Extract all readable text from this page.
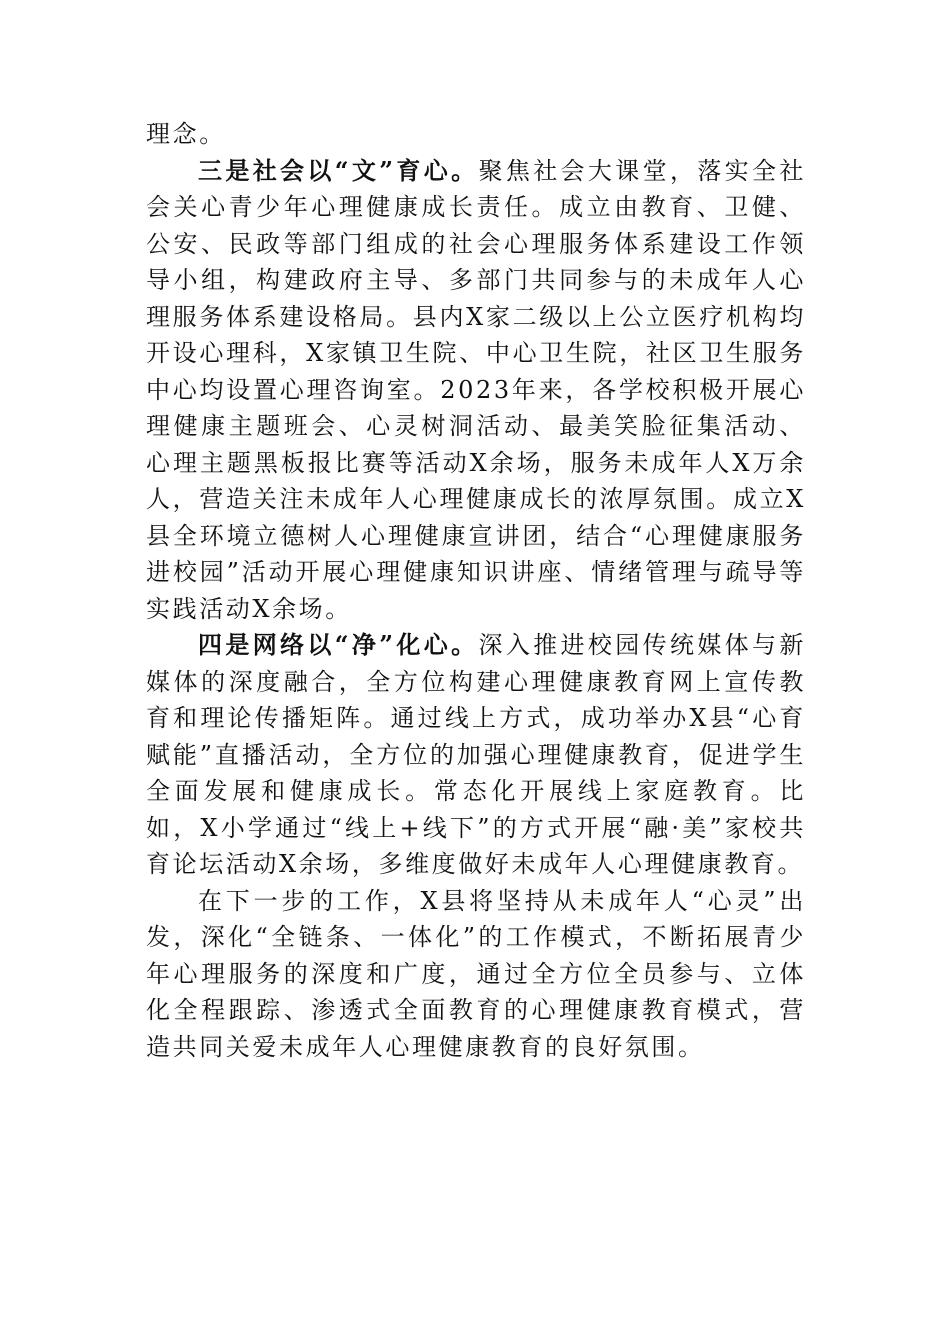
理念。

三是社会以“文”育心。聚焦社会大课堂，落实全社会关心青少年心理健康成长责任。成立由教育、卫健、公安、民政等部门组成的社会心理服务体系建设工作领导小组，构建政府主导、多部门共同参与的未成年人心理服务体系建设格局。县内X家二级以上公立医疗机构均开设心理科，X家镇卫生院、中心卫生院，社区卫生服务中心均设置心理咨询室。2023年来，各学校积极开展心理健康主题班会、心灵树洞活动、最美笑脸征集活动、心理主题黑板报比赛等活动X余场，服务未成年人X万余人，营造关注未成年人心理健康成长的浓厚氛围。成立X县全环境立德树人心理健康宣讲团，结合“心理健康服务进校园”活动开展心理健康知识讲座、情绪管理与疏导等实践活动X余场。

四是网络以“净”化心。深入推进校园传统媒体与新媒体的深度融合，全方位构建心理健康教育网上宣传教育和理论传播矩阵。通过线上方式，成功举办X县“心育赋能”直播活动，全方位的加强心理健康教育，促进学生全面发展和健康成长。常态化开展线上家庭教育。比如，X小学通过“线上+线下”的方式开展“融·美”家校共育论坛活动X余场，多维度做好未成年人心理健康教育。

在下一步的工作，X县将坚持从未成年人“心灵”出发，深化“全链条、一体化”的工作模式，不断拓展青少年心理服务的深度和广度，通过全方位全员参与、立体化全程跟踪、渗透式全面教育的心理健康教育模式，营造共同关爱未成年人心理健康教育的良好氛围。
